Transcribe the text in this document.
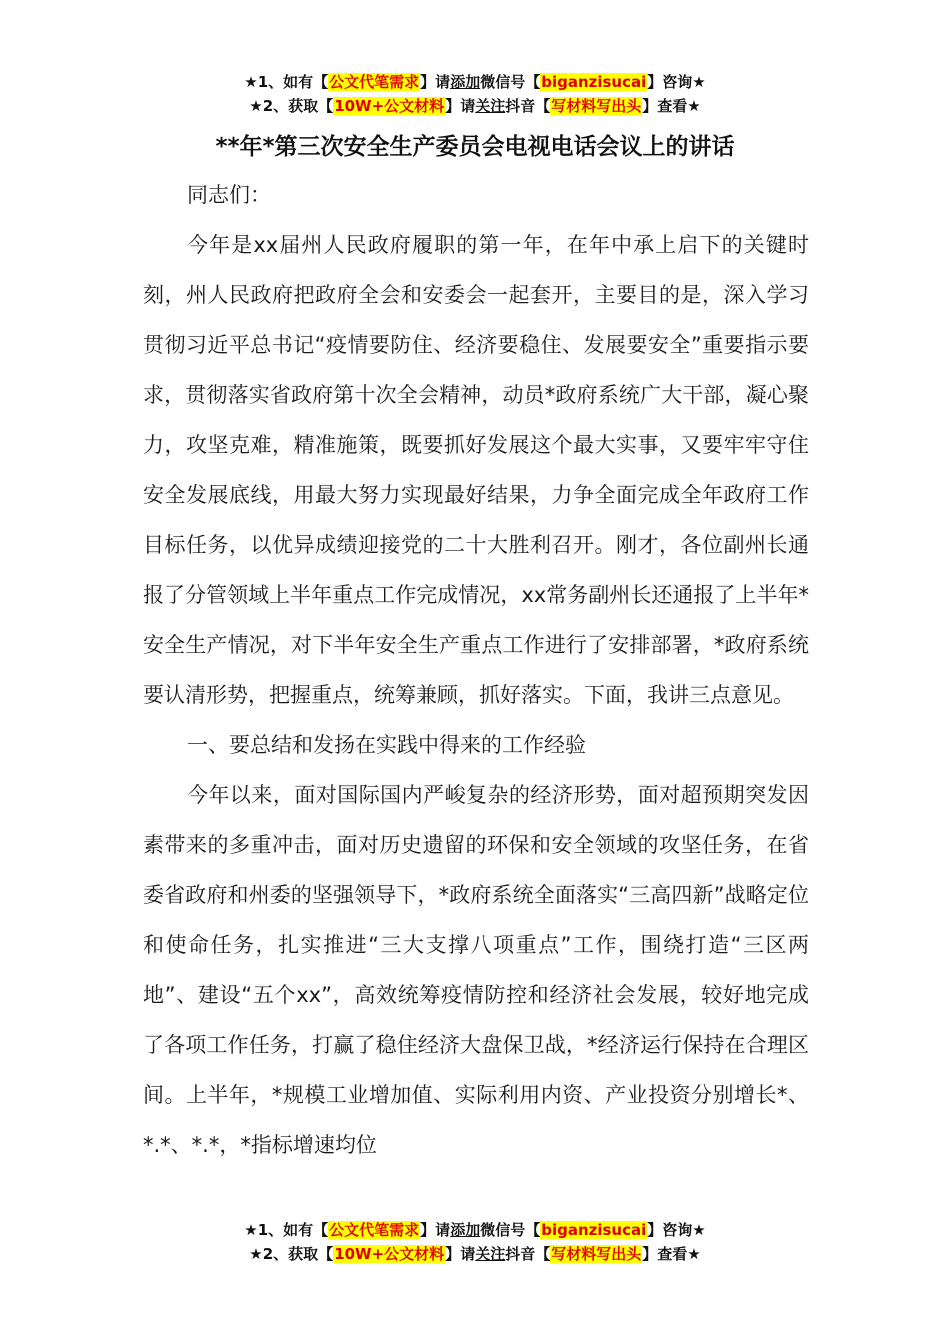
★1、如有【公文代笔需求】请添加微信号【biganzisucai】咨询★
★2、获取【10W+公文材料】请关注抖音【写材料写出头】查看★
**年*第三次安全生产委员会电视电话会议上的讲话

同志们：

今年是xx届州人民政府履职的第一年，在年中承上启下的关键时刻，州人民政府把政府全会和安委会一起套开，主要目的是，深入学习贯彻习近平总书记“疫情要防住、经济要稳住、发展要安全”重要指示要求，贯彻落实省政府第十次全会精神，动员*政府系统广大干部，凝心聚力，攻坚克难，精准施策，既要抓好发展这个最大实事，又要牢牢守住安全发展底线，用最大努力实现最好结果，力争全面完成全年政府工作目标任务，以优异成绩迎接党的二十大胜利召开。刚才，各位副州长通报了分管领域上半年重点工作完成情况，xx常务副州长还通报了上半年*安全生产情况，对下半年安全生产重点工作进行了安排部署，*政府系统要认清形势，把握重点，统筹兼顾，抓好落实。下面，我讲三点意见。

一、要总结和发扬在实践中得来的工作经验

今年以来，面对国际国内严峻复杂的经济形势，面对超预期突发因素带来的多重冲击，面对历史遗留的环保和安全领域的攻坚任务，在省委省政府和州委的坚强领导下，*政府系统全面落实“三高四新”战略定位和使命任务，扎实推进“三大支撑八项重点”工作，围绕打造“三区两地”、建设“五个xx”，高效统筹疫情防控和经济社会发展，较好地完成了各项工作任务，打赢了稳住经济大盘保卫战，*经济运行保持在合理区间。上半年，*规模工业增加值、实际利用内资、产业投资分别增长*、*.*、*.*，*指标增速均位

★1、如有【公文代笔需求】请添加微信号【biganzisucai】咨询★
★2、获取【10W+公文材料】请关注抖音【写材料写出头】查看★
